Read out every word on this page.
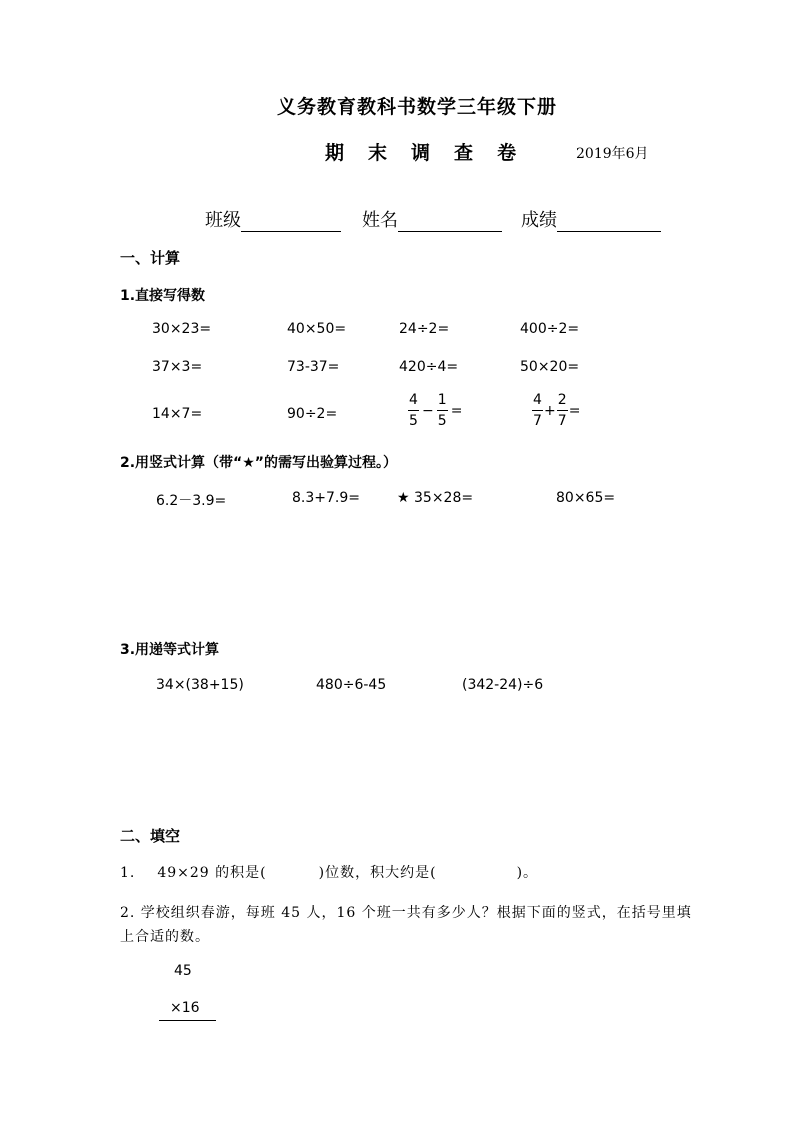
义务教育教科书数学三年级下册
期 末 调 查 卷	2019年6月
班级	姓名	成绩
一、计算
1.直接写得数
30×23=	40×50=	24÷2=	400÷2=
37×3=	73-37=	420÷4=	50×20=
14×7=	90÷2=	$\frac{4}{5} - \frac{1}{5}$ =	$\frac{4}{7} + \frac{2}{7}$ =
2.用竖式计算（带“★”的需写出验算过程。）
6.2－3.9=	8.3+7.9=	★ 35×28=	80×65=
3.用递等式计算
34×(38+15)	480÷6-45	(342-24)÷6
二、填空
1. 49×29 的积是(	)位数，积大约是(	)。
2. 学校组织春游，每班 45 人，16 个班一共有多少人？根据下面的竖式，在括号里填
上合适的数。
45
×16
